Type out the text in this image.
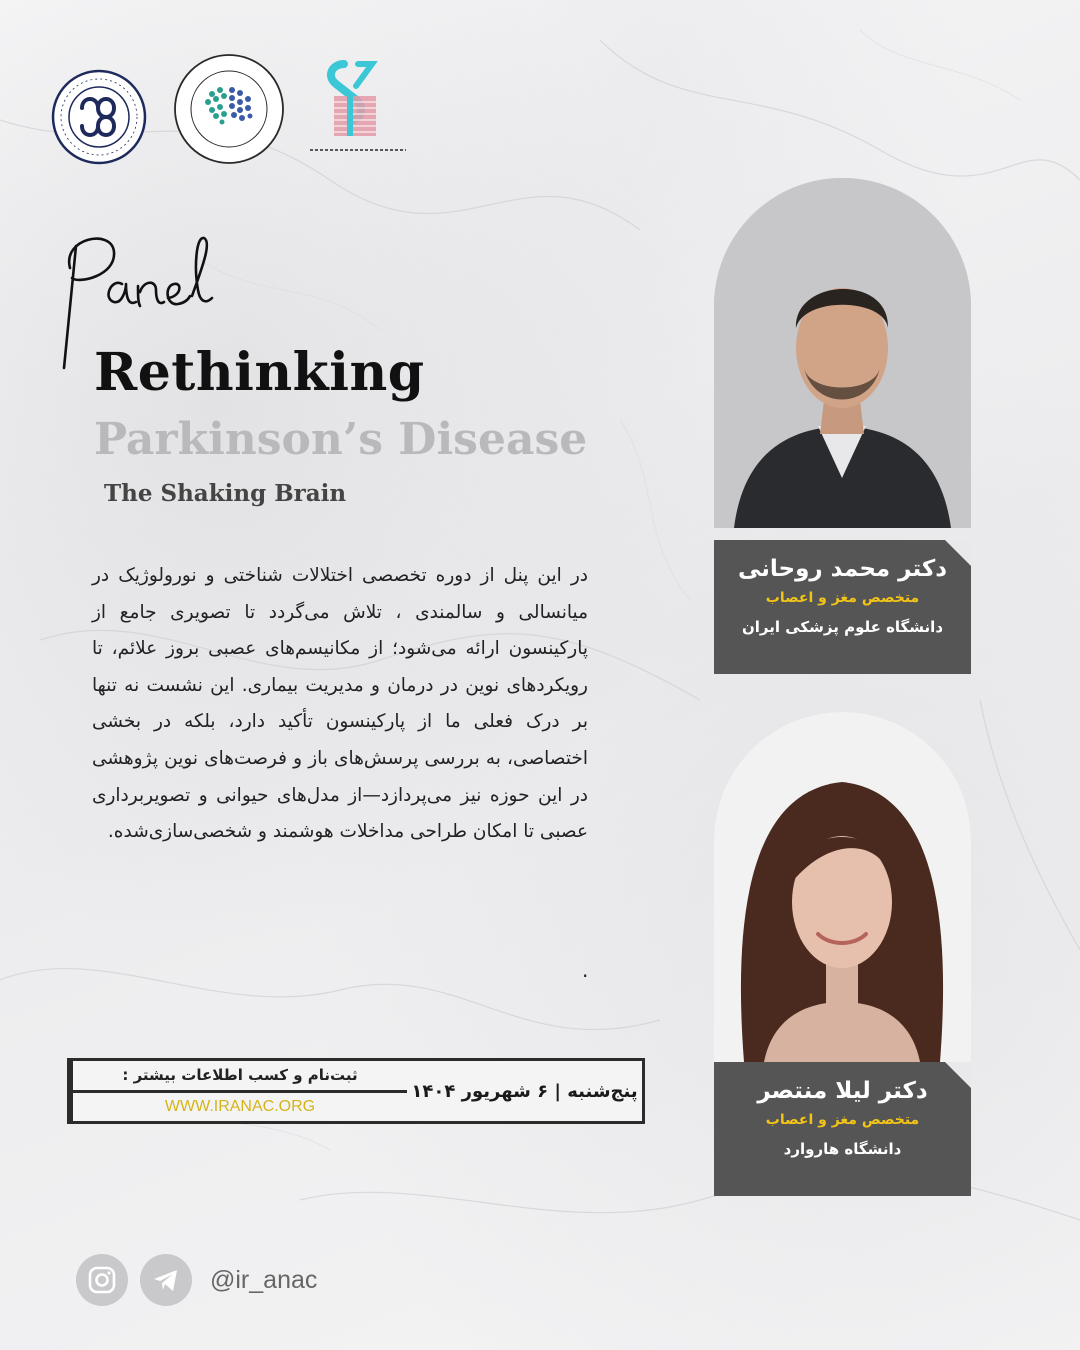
Rethinking
Parkinson’s Disease
The Shaking Brain

در این پنل از دوره تخصصی اختلالات شناختی و نورولوژیک در میانسالی و سالمندی ، تلاش می‌گردد تا تصویری جامع از پارکینسون ارائه می‌شود؛ از مکانیسم‌های عصبی بروز علائم، تا رویکردهای نوین در درمان و مدیریت بیماری. این نشست نه تنها بر درک فعلی ما از پارکینسون تأکید دارد، بلکه در بخشی اختصاصی، به بررسی پرسش‌های باز و فرصت‌های نوین پژوهشی در این حوزه نیز می‌پردازد—از مدل‌های حیوانی و تصویربرداری عصبی تا امکان طراحی مداخلات هوشمند و شخصی‌سازی‌شده.

.
ثبت‌نام و کسب اطلاعات بیشتر :
WWW.IRANAC.ORG
پنج‌شنبه | ۶ شهریور ۱۴۰۴

دکتر محمد روحانی

متخصص مغز و اعصاب

دانشگاه علوم پزشکی ایران

دکتر لیلا منتصر

متخصص مغز و اعصاب

دانشگاه هاروارد

@ir_anac
